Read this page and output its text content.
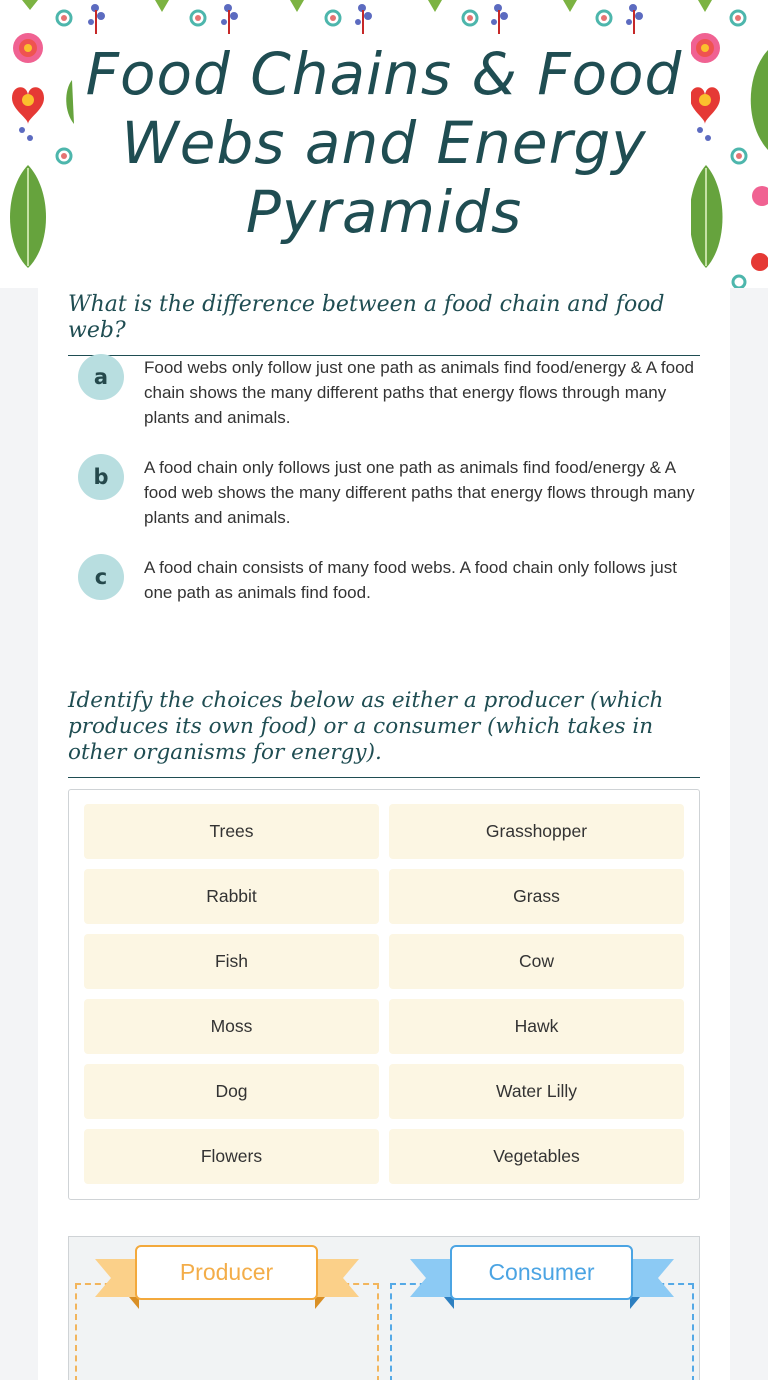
Food Chains & Food Webs and Energy Pyramids
What is the difference between a food chain and food web?
a	Food webs only follow just one path as animals find food/energy & A food chain shows the many different paths that energy flows through many plants and animals.
b	A food chain only follows just one path as animals find food/energy & A food web shows the many different paths that energy flows through many plants and animals.
c	A food chain consists of many food webs. A food chain only follows just one path as animals find food.
Identify the choices below as either a producer (which produces its own food) or a consumer (which takes in other organisms for energy).
Trees	Grasshopper
Rabbit	Grass
Fish	Cow
Moss	Hawk
Dog	Water Lilly
Flowers	Vegetables
Producer	Consumer
